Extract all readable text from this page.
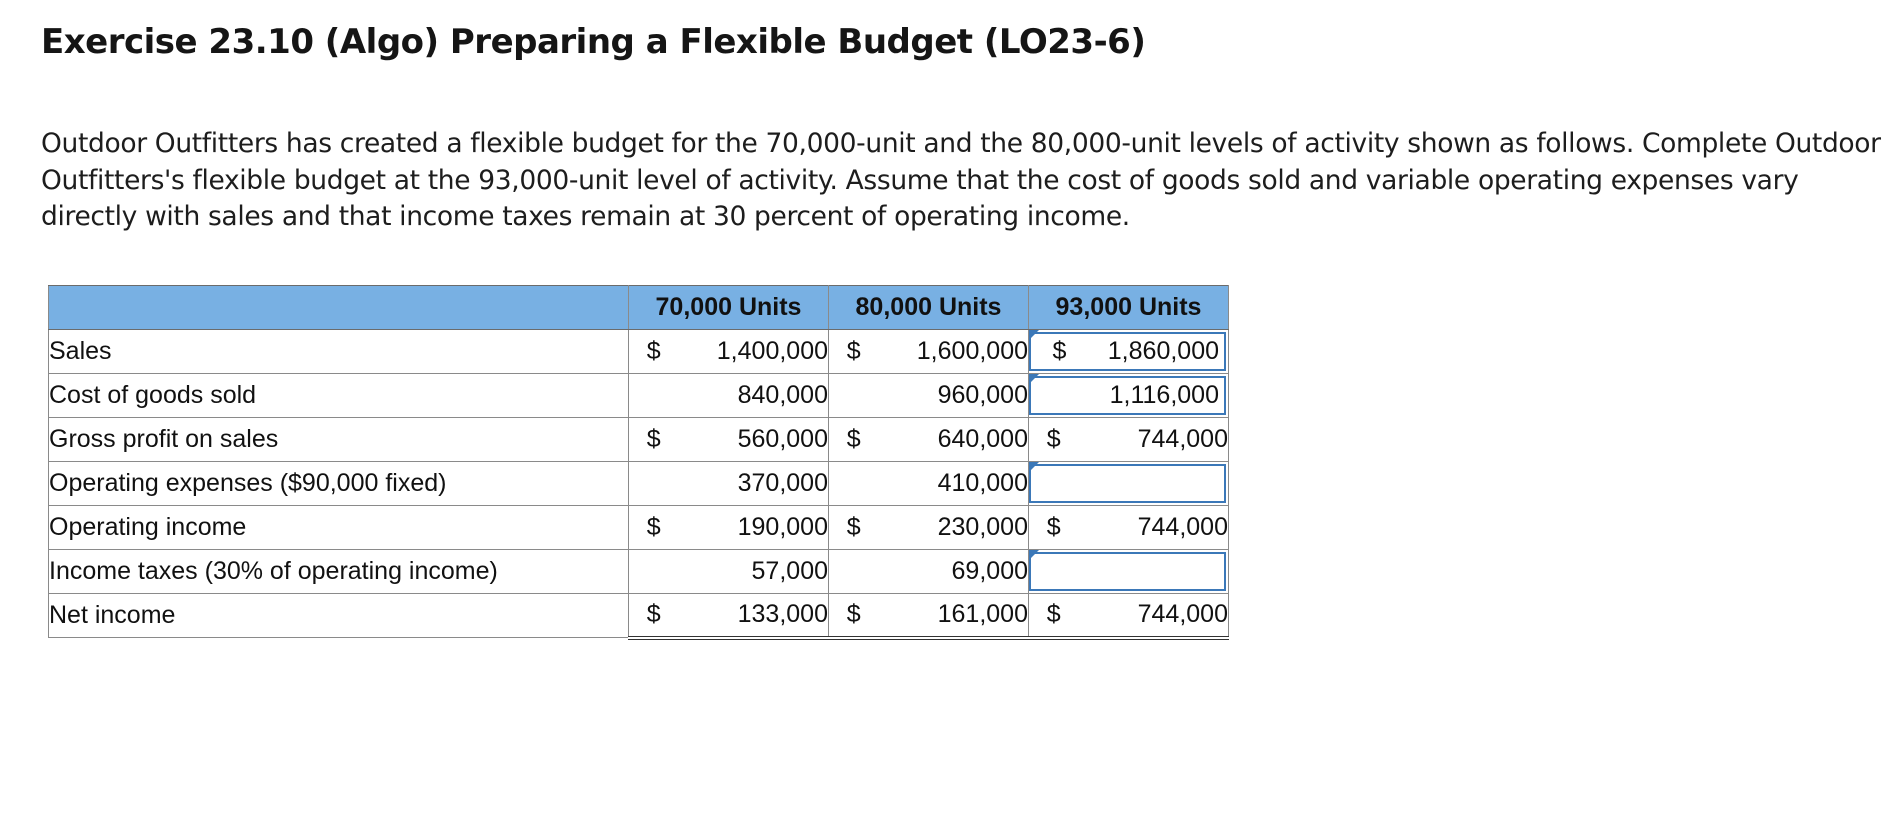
Exercise 23.10 (Algo) Preparing a Flexible Budget (LO23-6)

Outdoor Outfitters has created a flexible budget for the 70,000-unit and the 80,000-unit levels of activity shown as follows. Complete Outdoor Outfitters's flexible budget at the 93,000-unit level of activity. Assume that the cost of goods sold and variable operating expenses vary directly with sales and that income taxes remain at 30 percent of operating income.

	70,000 Units		80,000 Units		93,000 Units	
Sales	$	1,400,000	$	1,600,000		$ 1,860,000

Cost of goods sold		840,000		960,000		1,116,000

Gross profit on sales	$	560,000	$	640,000	$	744,000
Operating expenses ($90,000 fixed)		370,000		410,000		

Operating income	$	190,000	$	230,000	$	744,000
Income taxes (30% of operating income)		57,000		69,000		

Net income	$	133,000	$	161,000	$	744,000
